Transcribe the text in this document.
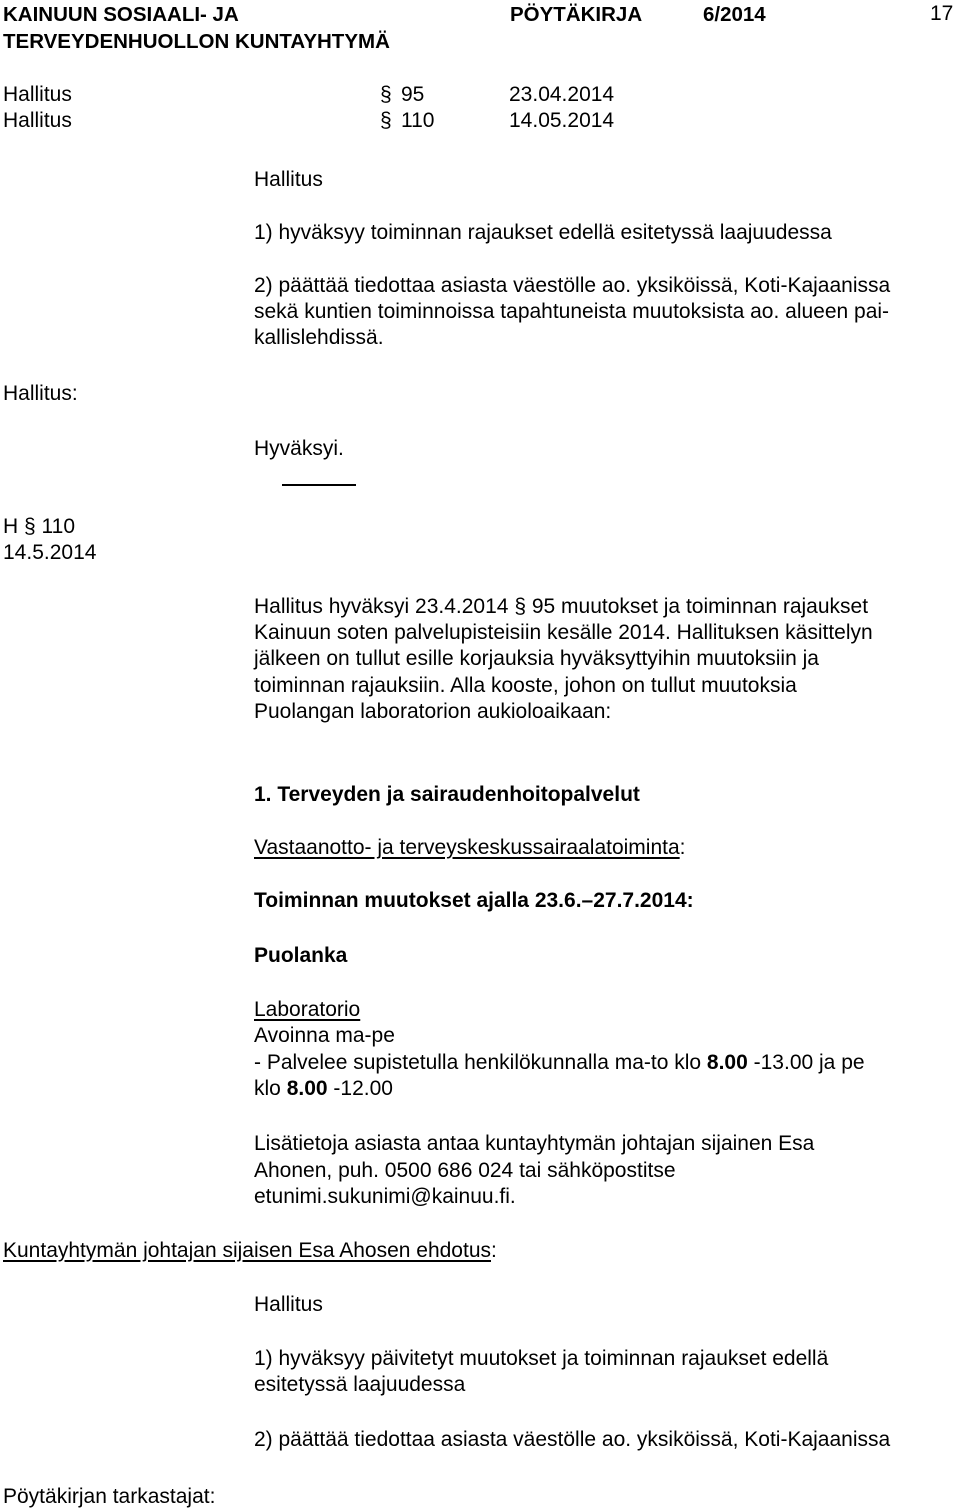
KAINUUN SOSIAALI- JA
TERVEYDENHUOLLON KUNTAYHTYMÄ
PÖYTÄKIRJA	6/2014	17
Hallitus	§ 95	23.04.2014
Hallitus	§ 110	14.05.2014
Hallitus
1) hyväksyy toiminnan rajaukset edellä esitetyssä laajuudessa
2) päättää tiedottaa asiasta väestölle ao. yksiköissä, Koti-Kajaanissa
sekä kuntien toiminnoissa tapahtuneista muutoksista ao. alueen pai-
kallislehdissä.
Hallitus:
Hyväksyi.
H § 110
14.5.2014
Hallitus hyväksyi 23.4.2014 § 95 muutokset ja toiminnan rajaukset
Kainuun soten palvelupisteisiin kesälle 2014. Hallituksen käsittelyn
jälkeen on tullut esille korjauksia hyväksyttyihin muutoksiin ja
toiminnan rajauksiin. Alla kooste, johon on tullut muutoksia
Puolangan laboratorion aukioloaikaan:
1. Terveyden ja sairaudenhoitopalvelut
Vastaanotto- ja terveyskeskussairaalatoiminta:
Toiminnan muutokset ajalla 23.6.–27.7.2014:
Puolanka
Laboratorio
Avoinna ma-pe
- Palvelee supistetulla henkilökunnalla ma-to klo 8.00 -13.00 ja pe
klo 8.00 -12.00
Lisätietoja asiasta antaa kuntayhtymän johtajan sijainen Esa
Ahonen, puh. 0500 686 024 tai sähköpostitse
etunimi.sukunimi@kainuu.fi.
Kuntayhtymän johtajan sijaisen Esa Ahosen ehdotus:
Hallitus
1) hyväksyy päivitetyt muutokset ja toiminnan rajaukset edellä
esitetyssä laajuudessa
2) päättää tiedottaa asiasta väestölle ao. yksiköissä, Koti-Kajaanissa
Pöytäkirjan tarkastajat:
